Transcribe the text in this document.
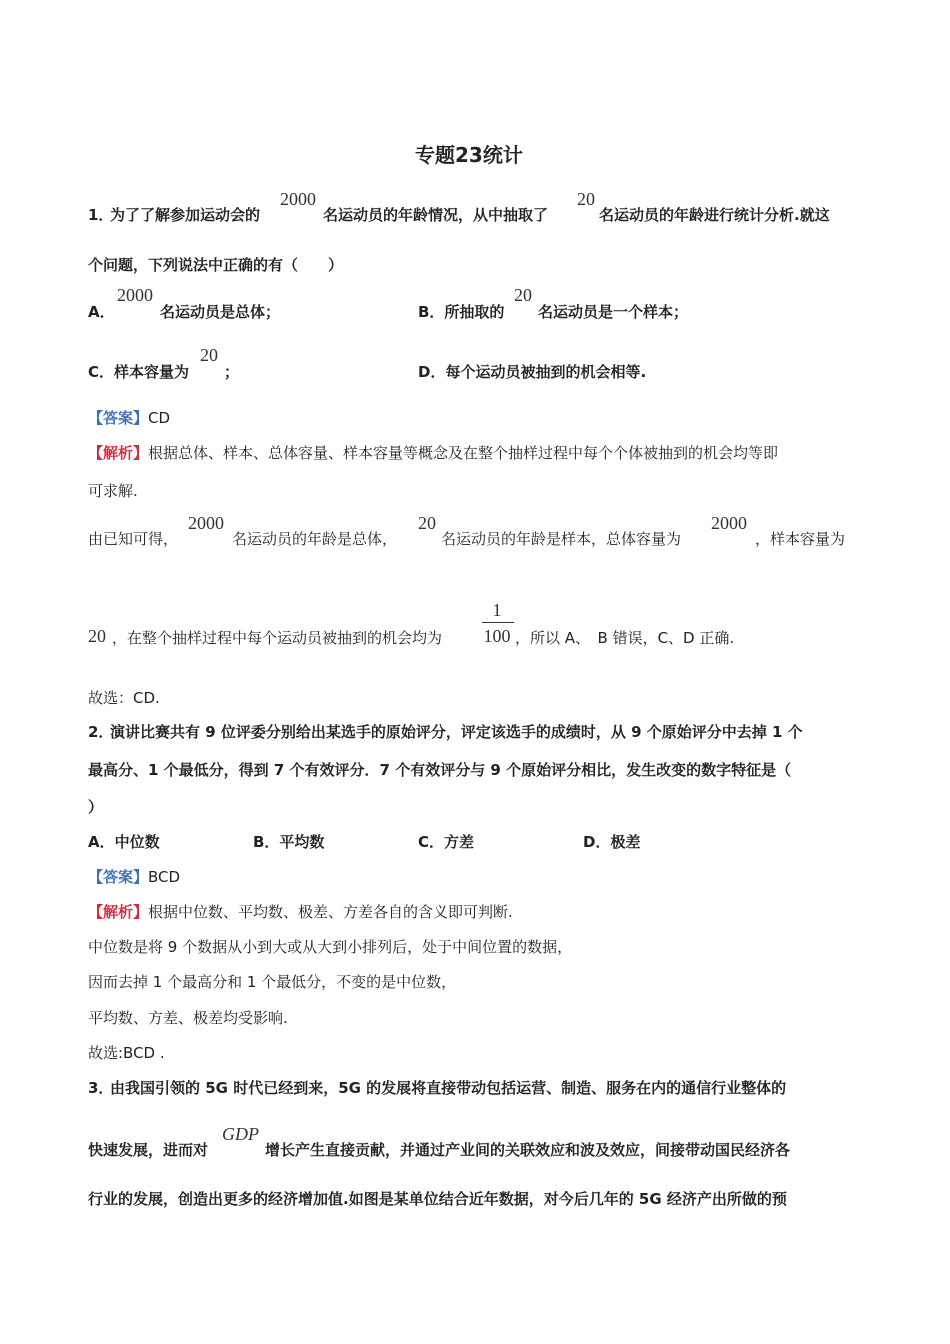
专题23统计
1．
为了了解参加运动会的
2000
名运动员的年龄情况，从中抽取了
20
名运动员的年龄进行统计分析.就这
个问题，下列说法中正确的有（　　）
A．
2000
名运动员是总体；	B．所抽取的
20
名运动员是一个样本；
C．样本容量为
20
；	D．每个运动员被抽到的机会相等.
【答案】CD
【解析】根据总体、样本、总体容量、样本容量等概念及在整个抽样过程中每个个体被抽到的机会均等即
可求解.
由已知可得，
2000
名运动员的年龄是总体，
20
名运动员的年龄是样本，总体容量为
2000
，样本容量为
20 ，在整个抽样过程中每个运动员被抽到的机会均为
1
100 ，所以 A、　B 错误，C、D 正确.
故选：CD.
2．
演讲比赛共有 9 位评委分别给出某选手的原始评分，评定该选手的成绩时，从 9 个原始评分中去掉 1 个
最高分、1 个最低分，得到 7 个有效评分．7 个有效评分与 9 个原始评分相比，发生改变的数字特征是（
）
A．中位数	B．平均数	C．方差	D．极差
【答案】BCD
【解析】根据中位数、平均数、极差、方差各自的含义即可判断.
中位数是将 9 个数据从小到大或从大到小排列后，处于中间位置的数据，
因而去掉 1 个最高分和 1 个最低分，不变的是中位数，
平均数、方差、极差均受影响.
故选:BCD .
3．
由我国引领的 5G 时代已经到来，5G 的发展将直接带动包括运营、制造、服务在内的通信行业整体的
快速发展，进而对
GDP
增长产生直接贡献，并通过产业间的关联效应和波及效应，间接带动国民经济各
行业的发展，创造出更多的经济增加值.如图是某单位结合近年数据，对今后几年的 5G 经济产出所做的预
